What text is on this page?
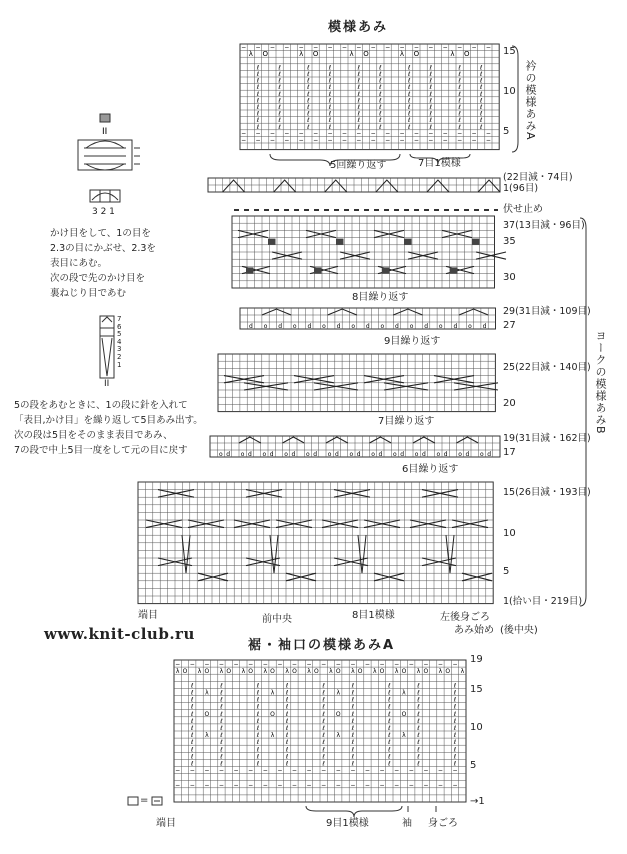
模様あみ
裾・袖口の模様あみA
λ
ℓ
ℓ
ℓ
ℓ
ℓ
ℓ
ℓ
ℓ
ℓ
ℓ
O
ℓ
ℓ
ℓ
ℓ
ℓ
ℓ
ℓ
ℓ
ℓ
ℓ
λ
ℓ
ℓ
ℓ
ℓ
ℓ
ℓ
ℓ
ℓ
ℓ
ℓ
O
ℓ
ℓ
ℓ
ℓ
ℓ
ℓ
ℓ
ℓ
ℓ
ℓ
λ
ℓ
ℓ
ℓ
ℓ
ℓ
ℓ
ℓ
ℓ
ℓ
ℓ
O
ℓ
ℓ
ℓ
ℓ
ℓ
ℓ
ℓ
ℓ
ℓ
ℓ
λ
ℓ
ℓ
ℓ
ℓ
ℓ
ℓ
ℓ
ℓ
ℓ
ℓ
O
ℓ
ℓ
ℓ
ℓ
ℓ
ℓ
ℓ
ℓ
ℓ
ℓ
λ
ℓ
ℓ
ℓ
ℓ
ℓ
ℓ
ℓ
ℓ
ℓ
ℓ
O
ℓ
ℓ
ℓ
ℓ
ℓ
ℓ
ℓ
ℓ
ℓ
ℓ
− − − − − − − − − − − − − − − − − −
− − − − − − − − − − − − − − − − − −
− − − − − − − − − − − − − − − − − −
15
10
5 衿の模様あみA
5回繰り返す	7目1模様
(22目減・74目)
1(96目)
II
3 2 1
かけ目をして、1の目を
2.3の目にかぶせ、2.3を
表目にあむ。
次の段で先のかけ目を
裏ねじり目であむ
7
6
5
4
3
2
1
II
5の段をあむときに、1の段に針を入れて
「表目,かけ目」を繰り返して5目あみ出す。
次の段は5目をそのまま表目であみ、
7の段で中上5目一度をして元の目に戻す
伏せ止め
37(13目減・96目)
35
30
8目繰り返す
d o d o d o d o d o d o d o d o d
29(31目減・109目)
27
9目繰り返す
25(22目減・140目)
20
7目繰り返す
o d o d o d o d o d o d o d o d o d o d o d o d o d
19(31目減・162目)
17
6目繰り返す
15(26目減・193目)
10
5
1(拾い目・219目)
8目1模様
ヨークの模様あみB
端目	前中央	左後身ごろ
あみ始め (後中央)
www.knit-club.ru
λ O
ℓ
ℓ
ℓ
ℓ
ℓ
ℓ
ℓ
ℓ
ℓ
ℓ
ℓ
ℓ
λ O
λ
O
λ
λ
ℓ
ℓ
ℓ
ℓ
ℓ
ℓ
ℓ
ℓ
ℓ
ℓ
ℓ
ℓ
O λ O
ℓ
ℓ
ℓ
ℓ
ℓ
ℓ
ℓ
ℓ
ℓ
ℓ
ℓ
ℓ
λ O
λ
O
λ
λ
ℓ
ℓ
ℓ
ℓ
ℓ
ℓ
ℓ
ℓ
ℓ
ℓ
ℓ
ℓ
O λ O
ℓ
ℓ
ℓ
ℓ
ℓ
ℓ
ℓ
ℓ
ℓ
ℓ
ℓ
ℓ
λ O
λ
O
λ
λ
ℓ
ℓ
ℓ
ℓ
ℓ
ℓ
ℓ
ℓ
ℓ
ℓ
ℓ
ℓ
O λ O
ℓ
ℓ
ℓ
ℓ
ℓ
ℓ
ℓ
ℓ
ℓ
ℓ
ℓ
ℓ
λ O
λ
O
λ
λ
ℓ
ℓ
ℓ
ℓ
ℓ
ℓ
ℓ
ℓ
ℓ
ℓ
ℓ
ℓ
O λ O
ℓ
ℓ
ℓ
ℓ
ℓ
ℓ
ℓ
ℓ
ℓ
ℓ
ℓ
ℓ
λ
− − − − − − − − − − − − − − − − − − − −
− − − − − − − − − − − − − − − − − − − −
− − − − − − − − − − − − − − − − − − − −
19
15
10
5
→1
端目	9目1模様	袖 身ごろ
=
